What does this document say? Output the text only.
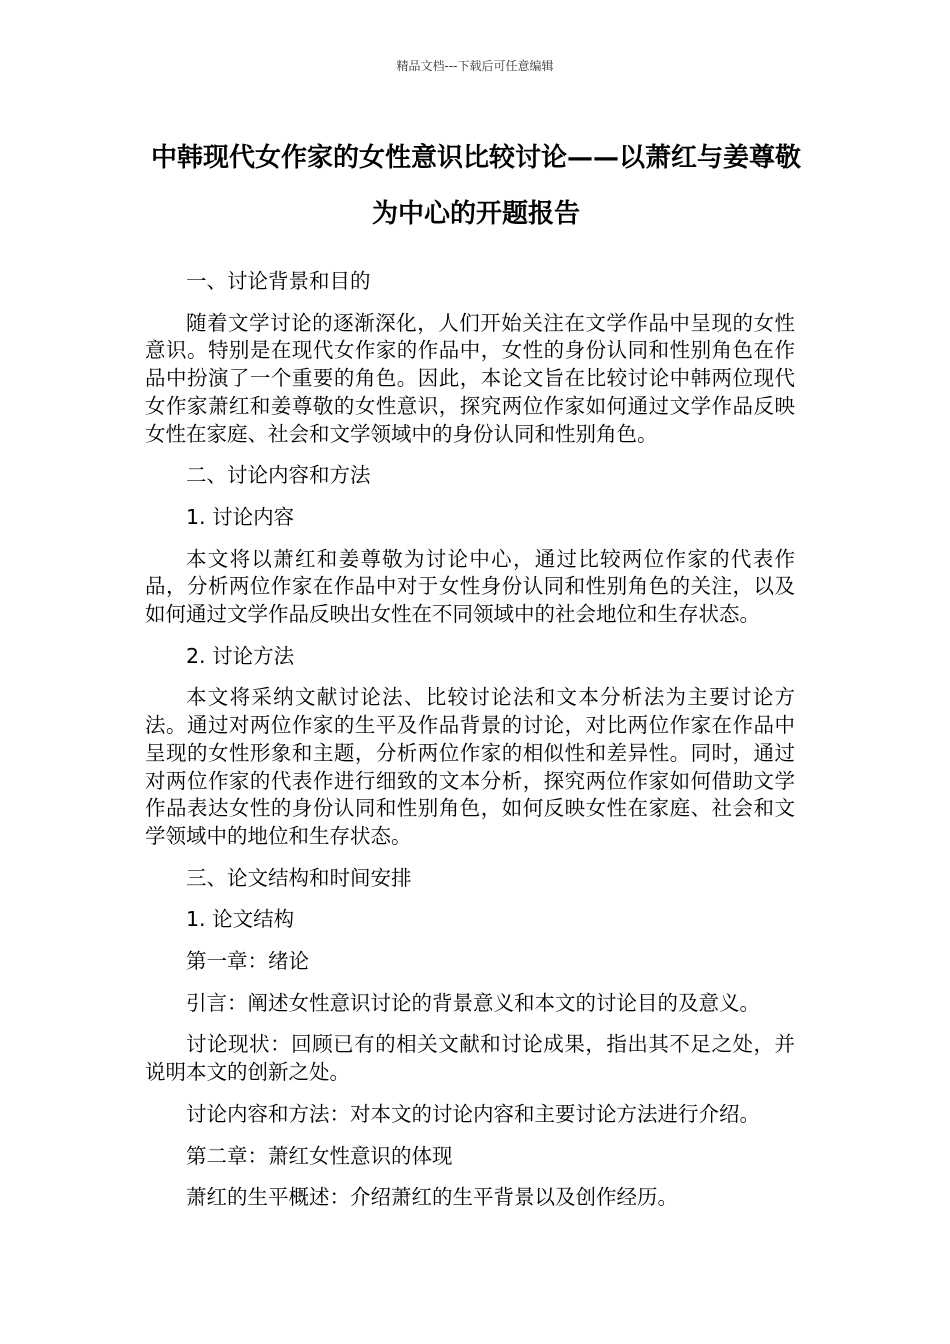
精品文档---下载后可任意编辑
中韩现代女作家的女性意识比较讨论——以萧红与姜尊敬为中心的开题报告

一、讨论背景和目的

随着文学讨论的逐渐深化，人们开始关注在文学作品中呈现的女性意识。特别是在现代女作家的作品中，女性的身份认同和性别角色在作品中扮演了一个重要的角色。因此，本论文旨在比较讨论中韩两位现代女作家萧红和姜尊敬的女性意识，探究两位作家如何通过文学作品反映女性在家庭、社会和文学领域中的身份认同和性别角色。

二、讨论内容和方法

1. 讨论内容

本文将以萧红和姜尊敬为讨论中心，通过比较两位作家的代表作品，分析两位作家在作品中对于女性身份认同和性别角色的关注，以及如何通过文学作品反映出女性在不同领域中的社会地位和生存状态。

2. 讨论方法

本文将采纳文献讨论法、比较讨论法和文本分析法为主要讨论方法。通过对两位作家的生平及作品背景的讨论，对比两位作家在作品中呈现的女性形象和主题，分析两位作家的相似性和差异性。同时，通过对两位作家的代表作进行细致的文本分析，探究两位作家如何借助文学作品表达女性的身份认同和性别角色，如何反映女性在家庭、社会和文学领域中的地位和生存状态。

三、论文结构和时间安排

1. 论文结构

第一章：绪论

引言：阐述女性意识讨论的背景意义和本文的讨论目的及意义。

讨论现状：回顾已有的相关文献和讨论成果，指出其不足之处，并说明本文的创新之处。

讨论内容和方法：对本文的讨论内容和主要讨论方法进行介绍。

第二章：萧红女性意识的体现

萧红的生平概述：介绍萧红的生平背景以及创作经历。
